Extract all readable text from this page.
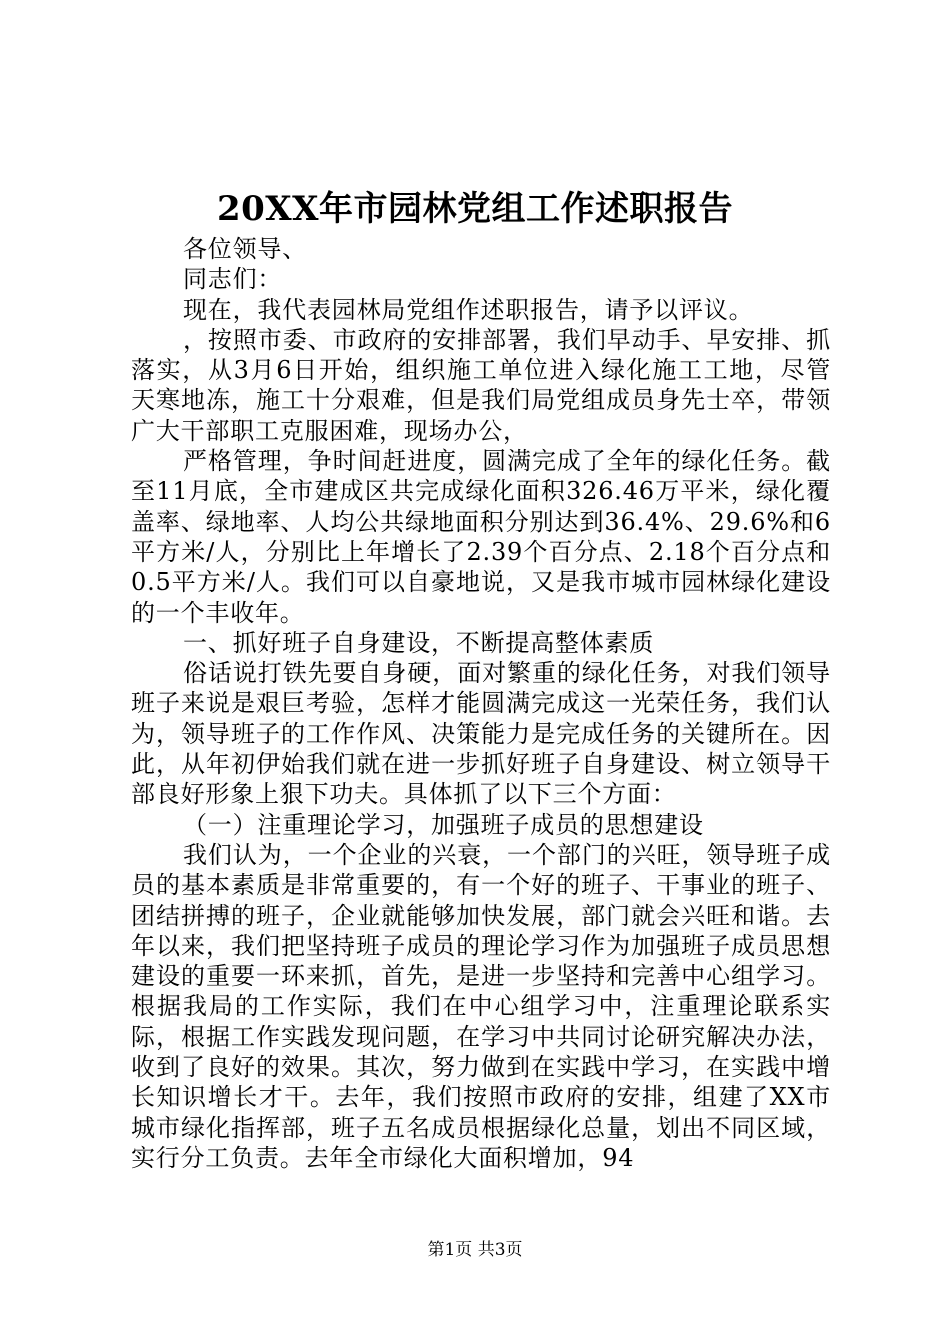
20XX年市园林党组工作述职报告

各位领导、

同志们：

现在，我代表园林局党组作述职报告，请予以评议。

，按照市委、市政府的安排部署，我们早动手、早安排、抓落实，从3月6日开始，组织施工单位进入绿化施工工地，尽管天寒地冻，施工十分艰难，但是我们局党组成员身先士卒，带领广大干部职工克服困难，现场办公，

严格管理，争时间赶进度，圆满完成了全年的绿化任务。截至11月底，全市建成区共完成绿化面积326.46万平米，绿化覆盖率、绿地率、人均公共绿地面积分别达到36.4%、29.6%和6平方米/人，分别比上年增长了2.39个百分点、2.18个百分点和0.5平方米/人。我们可以自豪地说，又是我市城市园林绿化建设的一个丰收年。

一、抓好班子自身建设，不断提高整体素质

俗话说打铁先要自身硬，面对繁重的绿化任务，对我们领导班子来说是艰巨考验，怎样才能圆满完成这一光荣任务，我们认为，领导班子的工作作风、决策能力是完成任务的关键所在。因此，从年初伊始我们就在进一步抓好班子自身建设、树立领导干部良好形象上狠下功夫。具体抓了以下三个方面：

（一）注重理论学习，加强班子成员的思想建设

我们认为，一个企业的兴衰，一个部门的兴旺，领导班子成员的基本素质是非常重要的，有一个好的班子、干事业的班子、团结拼搏的班子，企业就能够加快发展，部门就会兴旺和谐。去年以来，我们把坚持班子成员的理论学习作为加强班子成员思想建设的重要一环来抓，首先，是进一步坚持和完善中心组学习。根据我局的工作实际，我们在中心组学习中，注重理论联系实际，根据工作实践发现问题，在学习中共同讨论研究解决办法，收到了良好的效果。其次，努力做到在实践中学习，在实践中增长知识增长才干。去年，我们按照市政府的安排，组建了XX市城市绿化指挥部，班子五名成员根据绿化总量，划出不同区域，实行分工负责。去年全市绿化大面积增加，94

第1页 共3页
